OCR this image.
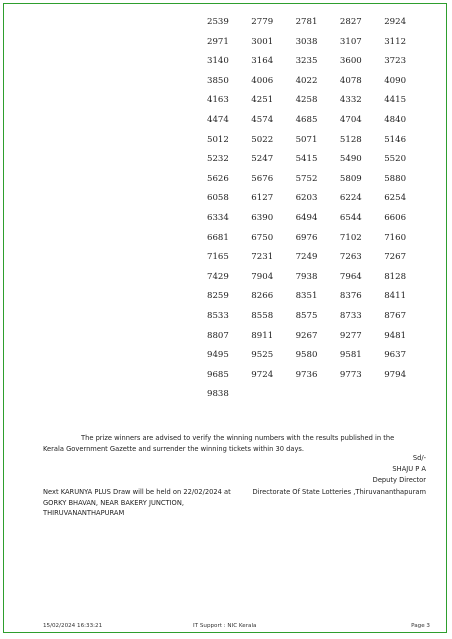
2539	2779	2781	2827	2924
2971	3001	3038	3107	3112
3140	3164	3235	3600	3723
3850	4006	4022	4078	4090
4163	4251	4258	4332	4415
4474	4574	4685	4704	4840
5012	5022	5071	5128	5146
5232	5247	5415	5490	5520
5626	5676	5752	5809	5880
6058	6127	6203	6224	6254
6334	6390	6494	6544	6606
6681	6750	6976	7102	7160
7165	7231	7249	7263	7267
7429	7904	7938	7964	8128
8259	8266	8351	8376	8411
8533	8558	8575	8733	8767
8807	8911	9267	9277	9481
9495	9525	9580	9581	9637
9685	9724	9736	9773	9794
9838
The prize winners are advised to verify the winning numbers with the results published in the Kerala Government Gazette and surrender the winning tickets within 30 days.
Sd/-
SHAJU P A
Deputy Director
Directorate Of State Lotteries ,Thiruvananthapuram
Next KARUNYA PLUS Draw will be held on 22/02/2024 at
GORKY BHAVAN, NEAR BAKERY JUNCTION,
THIRUVANANTHAPURAM
15/02/2024 16:33:21	IT Support : NIC Kerala	Page 3
